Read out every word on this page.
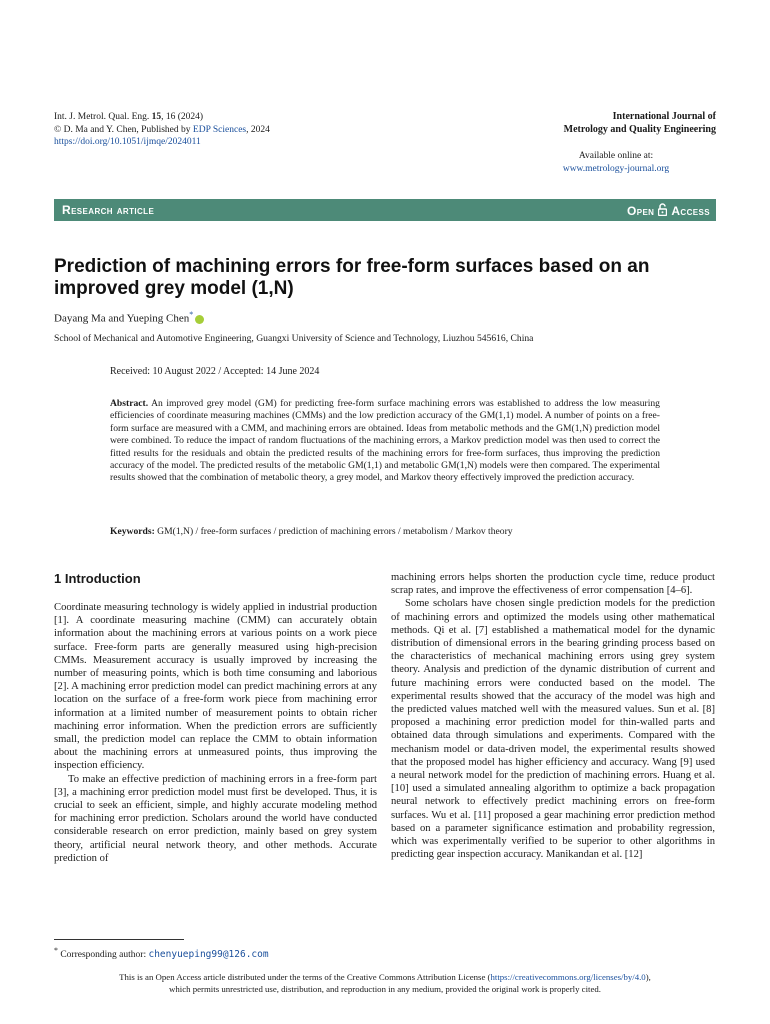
Int. J. Metrol. Qual. Eng. 15, 16 (2024)
© D. Ma and Y. Chen, Published by EDP Sciences, 2024
https://doi.org/10.1051/ijmqe/2024011
International Journal of
Metrology and Quality Engineering
Available online at:
www.metrology-journal.org
Research article	Open Access
Prediction of machining errors for free-form surfaces based on an improved grey model (1,N)
Dayang Ma and Yueping Chen*
School of Mechanical and Automotive Engineering, Guangxi University of Science and Technology, Liuzhou 545616, China
Received: 10 August 2022 / Accepted: 14 June 2024
Abstract. An improved grey model (GM) for predicting free-form surface machining errors was established to address the low measuring efficiencies of coordinate measuring machines (CMMs) and the low prediction accuracy of the GM(1,1) model. A number of points on a free-form surface are measured with a CMM, and machining errors are obtained. Ideas from metabolic methods and the GM(1,N) prediction model were combined. To reduce the impact of random fluctuations of the machining errors, a Markov prediction model was then used to correct the fitted results for the residuals and obtain the predicted results of the machining errors for free-form surfaces, thus improving the prediction accuracy of the model. The predicted results of the metabolic GM(1,1) and metabolic GM(1,N) models were then compared. The experimental results showed that the combination of metabolic theory, a grey model, and Markov theory effectively improved the prediction accuracy.
Keywords: GM(1,N) / free-form surfaces / prediction of machining errors / metabolism / Markov theory
1 Introduction

Coordinate measuring technology is widely applied in industrial production [1]. A coordinate measuring machine (CMM) can accurately obtain information about the machining errors at various points on a work piece surface. Free-form parts are generally measured using high-precision CMMs. Measurement accuracy is usually improved by increasing the number of measuring points, which is both time consuming and laborious [2]. A machining error prediction model can predict machining errors at any location on the surface of a free-form work piece from machining error information at a limited number of measurement points to obtain richer machining error information. When the prediction errors are sufficiently small, the prediction model can replace the CMM to obtain information about the machining errors at unmeasured points, thus improving the inspection efficiency.

To make an effective prediction of machining errors in a free-form part [3], a machining error prediction model must first be developed. Thus, it is crucial to seek an efficient, simple, and highly accurate modeling method for machining error prediction. Scholars around the world have conducted considerable research on error prediction, mainly based on grey system theory, artificial neural network theory, and other methods. Accurate prediction of

machining errors helps shorten the production cycle time, reduce product scrap rates, and improve the effectiveness of error compensation [4–6].

Some scholars have chosen single prediction models for the prediction of machining errors and optimized the models using other mathematical methods. Qi et al. [7] established a mathematical model for the dynamic distribution of dimensional errors in the bearing grinding process based on the characteristics of mechanical machining errors using grey system theory. Analysis and prediction of the dynamic distribution of current and future machining errors were conducted based on the model. The experimental results showed that the accuracy of the model was high and the predicted values matched well with the measured values. Sun et al. [8] proposed a machining error prediction model for thin-walled parts and obtained data through simulations and experiments. Compared with the mechanism model or data-driven model, the experimental results showed that the proposed model has higher efficiency and accuracy. Wang [9] used a neural network model for the prediction of machining errors. Huang et al. [10] used a simulated annealing algorithm to optimize a back propagation neural network to effectively predict machining errors on free-form surfaces. Wu et al. [11] proposed a gear machining error prediction method based on a parameter significance estimation and probability regression, which was experimentally verified to be superior to other algorithms in predicting gear inspection accuracy. Manikandan et al. [12]

* Corresponding author: chenyueping99@126.com
This is an Open Access article distributed under the terms of the Creative Commons Attribution License (https://creativecommons.org/licenses/by/4.0),
which permits unrestricted use, distribution, and reproduction in any medium, provided the original work is properly cited.
